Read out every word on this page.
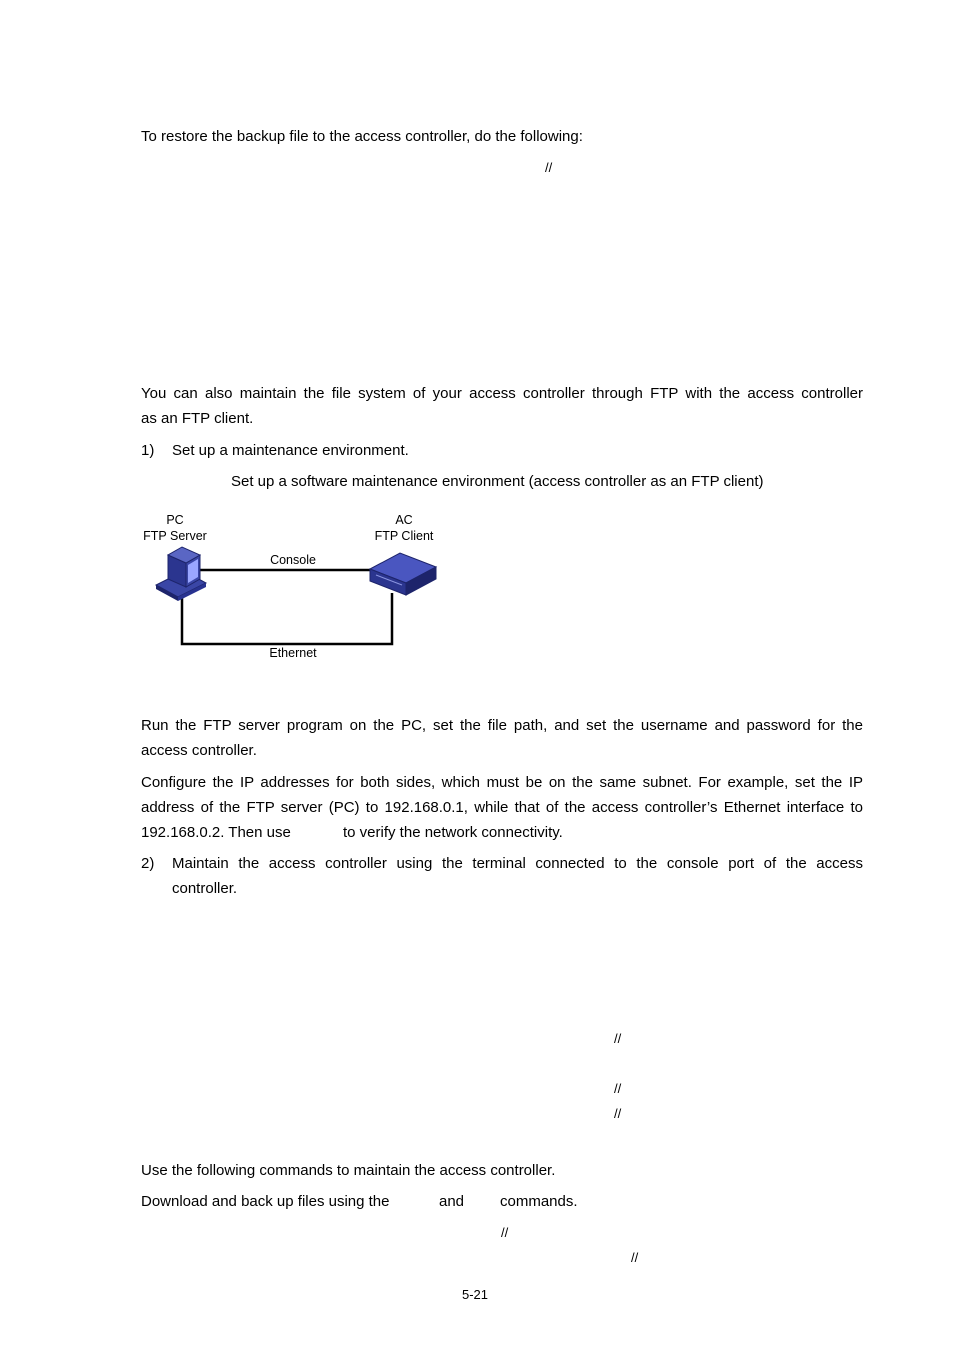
To restore the backup file to the access controller, do the following:
//
You can also maintain the file system of your access controller through FTP with the access controller
as an FTP client.
1) Set up a maintenance environment.
Set up a software maintenance environment (access controller as an FTP client)
PC
FTP Server
AC
FTP Client
Console
Ethernet
Run the FTP server program on the PC, set the file path, and set the username and password for the
access controller.
Configure the IP addresses for both sides, which must be on the same subnet. For example, set the IP
address of the FTP server (PC) to 192.168.0.1, while that of the access controller’s Ethernet interface to
192.168.0.2. Then use	to verify the network connectivity.
2) Maintain the access controller using the terminal connected to the console port of the access
controller.
//
//
//
Use the following commands to maintain the access controller.
Download and back up files using the	and commands.
//
//
5-21
